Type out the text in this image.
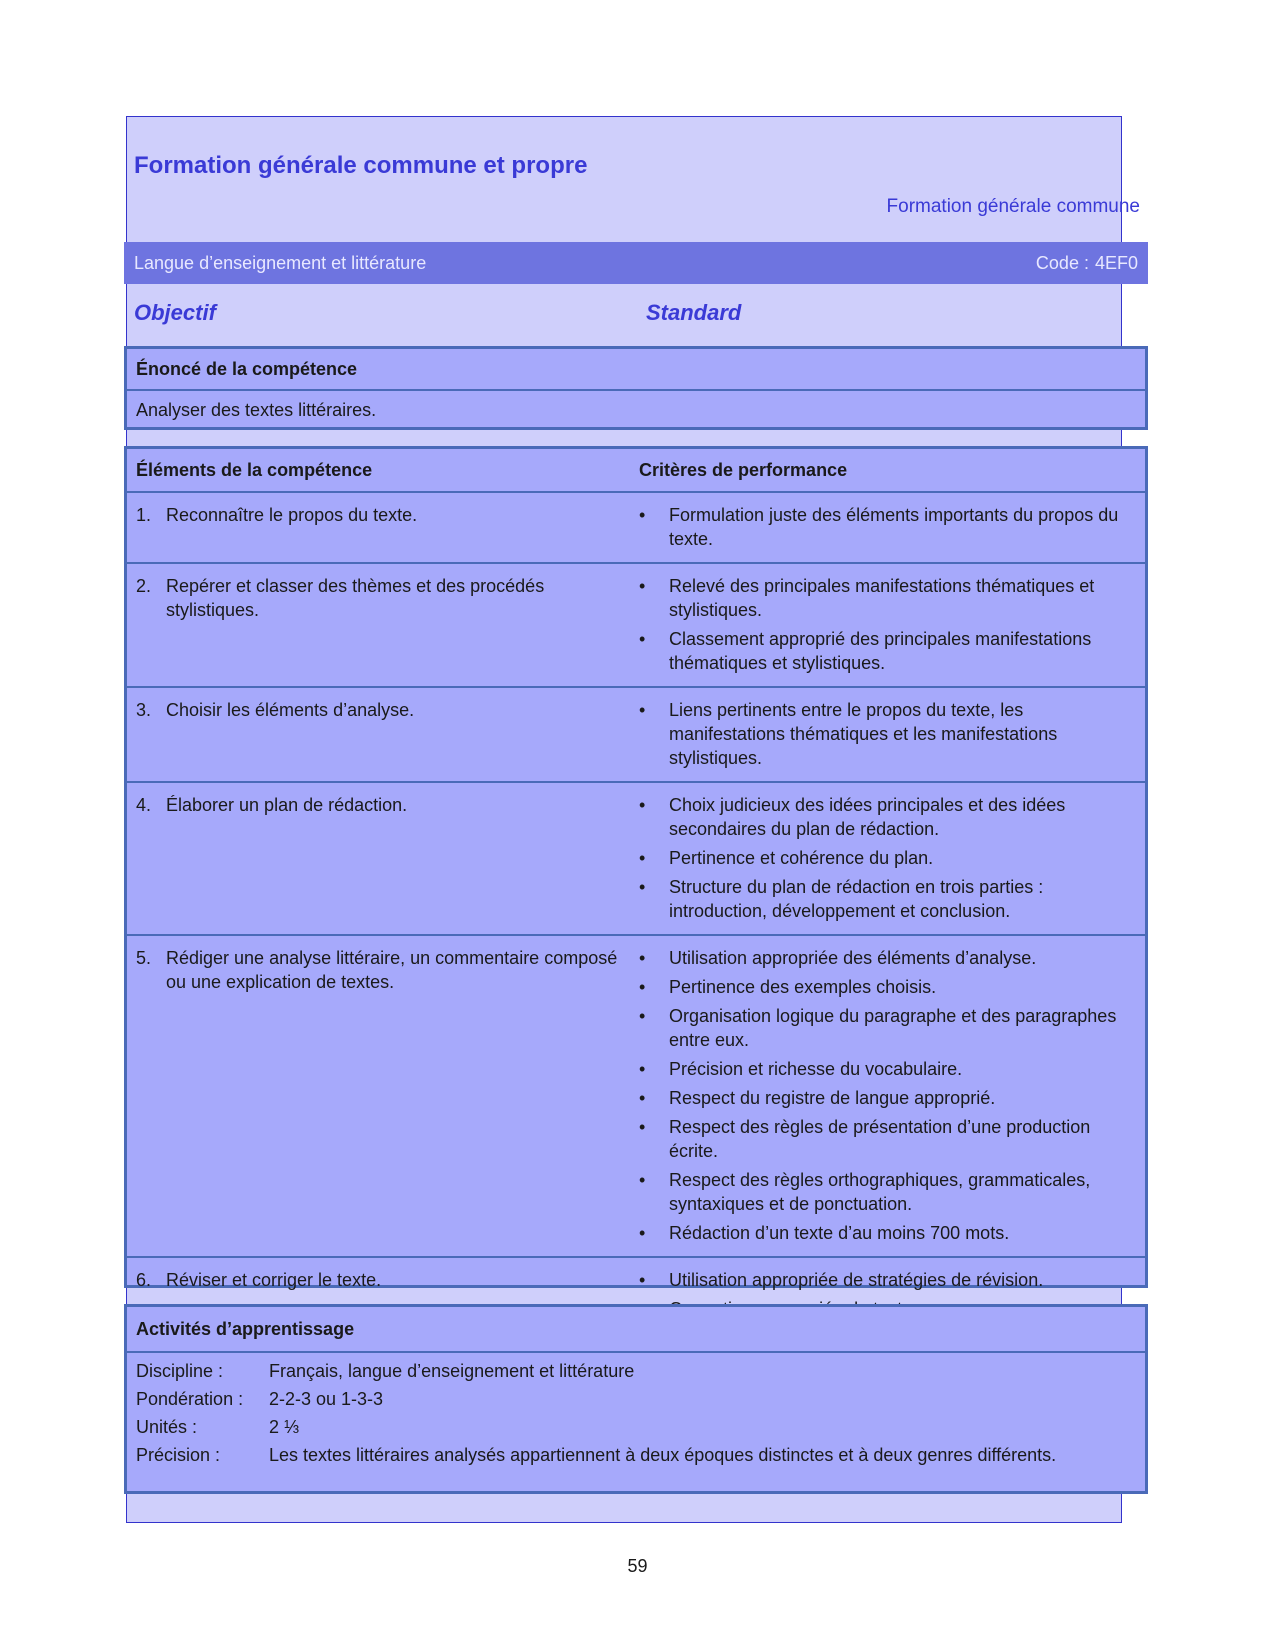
Formation générale commune et propre
Formation générale commune
Langue d’enseignement et littérature	Code : 4EF0
Objectif	Standard
Énoncé de la compétence
Analyser des textes littéraires.
Éléments de la compétence	Critères de performance
1. Reconnaître le propos du texte.	•	Formulation juste des éléments importants du propos du texte.
2. Repérer et classer des thèmes et des procédés stylistiques.
•	Relevé des principales manifestations thématiques et stylistiques.
•	Classement approprié des principales manifestations thématiques et stylistiques.
3. Choisir les éléments d’analyse.	•	Liens pertinents entre le propos du texte, les manifestations thématiques et les manifestations stylistiques.
4. Élaborer un plan de rédaction.	•	Choix judicieux des idées principales et des idées secondaires du plan de rédaction.
•	Pertinence et cohérence du plan.
•	Structure du plan de rédaction en trois parties : introduction, développement et conclusion.
5. Rédiger une analyse littéraire, un commentaire composé ou une explication de textes.
•	Utilisation appropriée des éléments d’analyse.
•	Pertinence des exemples choisis.
•	Organisation logique du paragraphe et des paragraphes entre eux.
•	Précision et richesse du vocabulaire.
•	Respect du registre de langue approprié.
•	Respect des règles de présentation d’une production écrite.
•	Respect des règles orthographiques, grammaticales, syntaxiques et de ponctuation.
•	Rédaction d’un texte d’au moins 700 mots.
6. Réviser et corriger le texte.	•	Utilisation appropriée de stratégies de révision.
Activités d’apprentissage
Discipline :	Français, langue d’enseignement et littérature
Pondération :	2-2-3 ou 1-3-3
Unités :	2 ⅓
Précision :	Les textes littéraires analysés appartiennent à deux époques distinctes et à deux genres différents.
59
